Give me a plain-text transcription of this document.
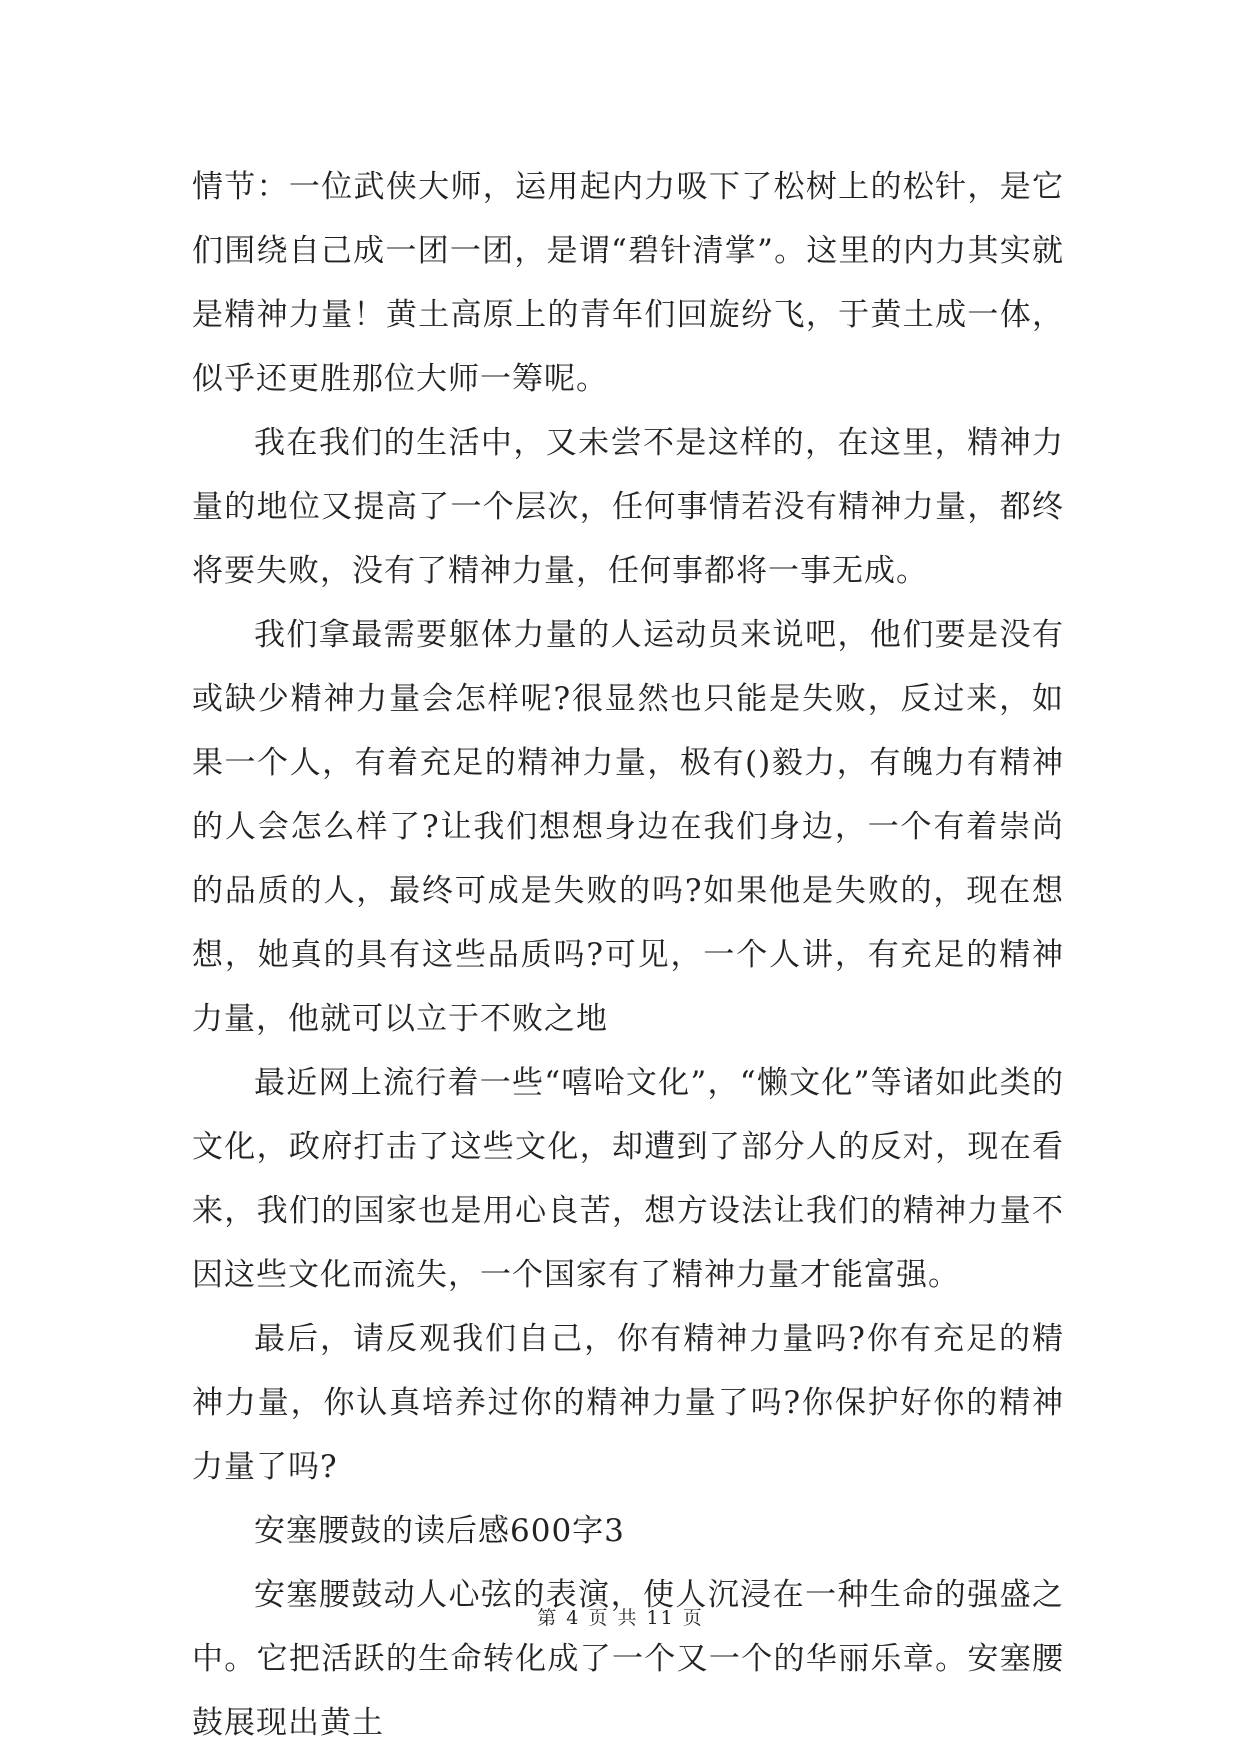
情节：一位武侠大师，运用起内力吸下了松树上的松针，是它们围绕自己成一团一团，是谓“碧针清掌”。这里的内力其实就是精神力量！黄土高原上的青年们回旋纷飞，于黄土成一体，似乎还更胜那位大师一筹呢。

我在我们的生活中，又未尝不是这样的，在这里，精神力量的地位又提高了一个层次，任何事情若没有精神力量，都终将要失败，没有了精神力量，任何事都将一事无成。

我们拿最需要躯体力量的人运动员来说吧，他们要是没有或缺少精神力量会怎样呢?很显然也只能是失败，反过来，如果一个人，有着充足的精神力量，极有()毅力，有魄力有精神的人会怎么样了?让我们想想身边在我们身边，一个有着崇尚的品质的人，最终可成是失败的吗?如果他是失败的，现在想想，她真的具有这些品质吗?可见，一个人讲，有充足的精神力量，他就可以立于不败之地

最近网上流行着一些“嘻哈文化”，“懒文化”等诸如此类的文化，政府打击了这些文化，却遭到了部分人的反对，现在看来，我们的国家也是用心良苦，想方设法让我们的精神力量不因这些文化而流失，一个国家有了精神力量才能富强。

最后，请反观我们自己，你有精神力量吗?你有充足的精神力量，你认真培养过你的精神力量了吗?你保护好你的精神力量了吗?

安塞腰鼓的读后感600字3

安塞腰鼓动人心弦的表演，使人沉浸在一种生命的强盛之中。它把活跃的生命转化成了一个又一个的华丽乐章。安塞腰鼓展现出黄土

第 4 页 共 11 页
